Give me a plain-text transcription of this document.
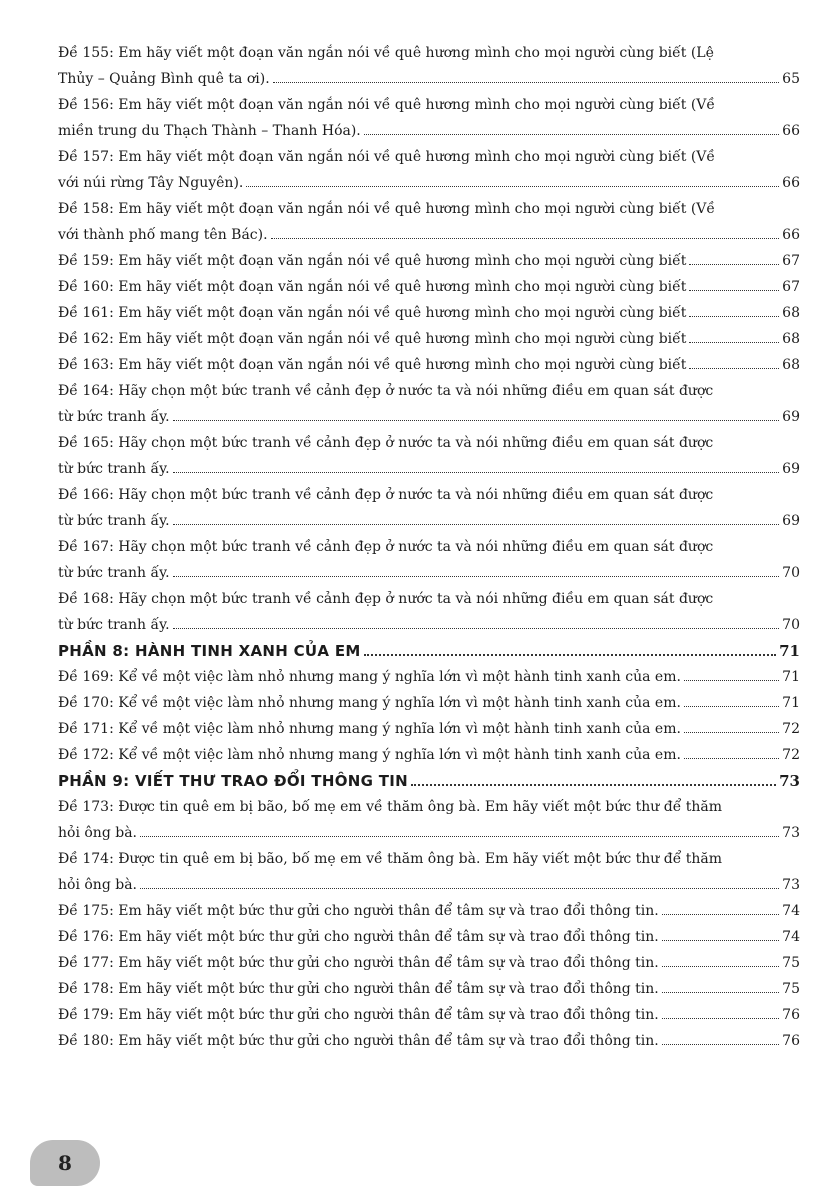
Đề 155: Em hãy viết một đoạn văn ngắn nói về quê hương mình cho mọi người cùng biết (Lệ
Thủy – Quảng Bình quê ta ơi).	65
Đề 156: Em hãy viết một đoạn văn ngắn nói về quê hương mình cho mọi người cùng biết (Về
miền trung du Thạch Thành – Thanh Hóa).	66
Đề 157: Em hãy viết một đoạn văn ngắn nói về quê hương mình cho mọi người cùng biết (Về
với núi rừng Tây Nguyên).	66
Đề 158: Em hãy viết một đoạn văn ngắn nói về quê hương mình cho mọi người cùng biết (Về
với thành phố mang tên Bác).	66
Đề 159: Em hãy viết một đoạn văn ngắn nói về quê hương mình cho mọi người cùng biết	67
Đề 160: Em hãy viết một đoạn văn ngắn nói về quê hương mình cho mọi người cùng biết	67
Đề 161: Em hãy viết một đoạn văn ngắn nói về quê hương mình cho mọi người cùng biết	68
Đề 162: Em hãy viết một đoạn văn ngắn nói về quê hương mình cho mọi người cùng biết	68
Đề 163: Em hãy viết một đoạn văn ngắn nói về quê hương mình cho mọi người cùng biết	68
Đề 164: Hãy chọn một bức tranh về cảnh đẹp ở nước ta và nói những điều em quan sát được
từ bức tranh ấy.	69
Đề 165: Hãy chọn một bức tranh về cảnh đẹp ở nước ta và nói những điều em quan sát được
từ bức tranh ấy.	69
Đề 166: Hãy chọn một bức tranh về cảnh đẹp ở nước ta và nói những điều em quan sát được
từ bức tranh ấy.	69
Đề 167: Hãy chọn một bức tranh về cảnh đẹp ở nước ta và nói những điều em quan sát được
từ bức tranh ấy.	70
Đề 168: Hãy chọn một bức tranh về cảnh đẹp ở nước ta và nói những điều em quan sát được
từ bức tranh ấy.	70
PHẦN 8: HÀNH TINH XANH CỦA EM	71
Đề 169: Kể về một việc làm nhỏ nhưng mang ý nghĩa lớn vì một hành tinh xanh của em.	71
Đề 170: Kể về một việc làm nhỏ nhưng mang ý nghĩa lớn vì một hành tinh xanh của em.	71
Đề 171: Kể về một việc làm nhỏ nhưng mang ý nghĩa lớn vì một hành tinh xanh của em.	72
Đề 172: Kể về một việc làm nhỏ nhưng mang ý nghĩa lớn vì một hành tinh xanh của em.	72
PHẦN 9: VIẾT THƯ TRAO ĐỔI THÔNG TIN	73
Đề 173: Được tin quê em bị bão, bố mẹ em về thăm ông bà. Em hãy viết một bức thư để thăm
hỏi ông bà.	73
Đề 174: Được tin quê em bị bão, bố mẹ em về thăm ông bà. Em hãy viết một bức thư để thăm
hỏi ông bà.	73
Đề 175: Em hãy viết một bức thư gửi cho người thân để tâm sự và trao đổi thông tin.	74
Đề 176: Em hãy viết một bức thư gửi cho người thân để tâm sự và trao đổi thông tin.	74
Đề 177: Em hãy viết một bức thư gửi cho người thân để tâm sự và trao đổi thông tin.	75
Đề 178: Em hãy viết một bức thư gửi cho người thân để tâm sự và trao đổi thông tin.	75
Đề 179: Em hãy viết một bức thư gửi cho người thân để tâm sự và trao đổi thông tin.	76
Đề 180: Em hãy viết một bức thư gửi cho người thân để tâm sự và trao đổi thông tin.	76
8
